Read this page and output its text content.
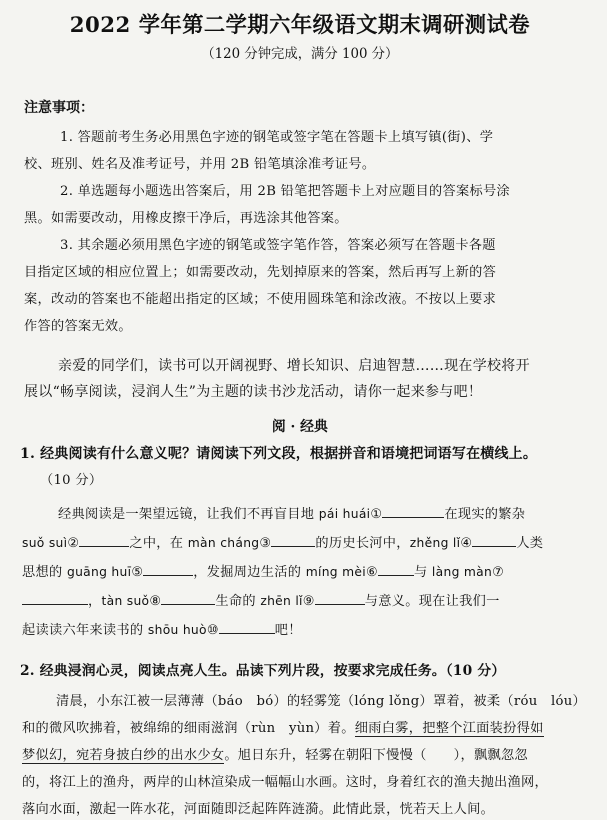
2022 学年第二学期六年级语文期末调研测试卷
（120 分钟完成，满分 100 分）
注意事项：
1. 答题前考生务必用黑色字迹的钢笔或签字笔在答题卡上填写镇(街)、学
校、班别、姓名及准考证号，并用 2B 铅笔填涂准考证号。
2. 单选题每小题选出答案后，用 2B 铅笔把答题卡上对应题目的答案标号涂
黑。如需要改动，用橡皮擦干净后，再选涂其他答案。
3. 其余题必须用黑色字迹的钢笔或签字笔作答，答案必须写在答题卡各题
目指定区域的相应位置上；如需要改动，先划掉原来的答案，然后再写上新的答
案，改动的答案也不能超出指定的区域；不使用圆珠笔和涂改液。不按以上要求
作答的答案无效。
亲爱的同学们，读书可以开阔视野、增长知识、启迪智慧……现在学校将开
展以“畅享阅读，浸润人生”为主题的读书沙龙活动，请你一起来参与吧！
阅 · 经典
1. 经典阅读有什么意义呢？请阅读下列文段，根据拼音和语境把词语写在横线上。
（10 分）
经典阅读是一架望远镜，让我们不再盲目地 pái huái①	在现实的繁杂
suǒ suì②	之中，在 màn cháng③	的历史长河中，zhěng lǐ④	人类
思想的 guāng huī⑤	，发掘周边生活的 míng mèi⑥	与 làng màn⑦
，tàn suǒ⑧	生命的 zhēn lǐ⑨	与意义。现在让我们一
起读读六年来读书的 shōu huò⑩	吧！
2. 经典浸润心灵，阅读点亮人生。品读下列片段，按要求完成任务。（10 分）
清晨，小东江被一层薄薄（báo　bó）的轻雾笼（lóng lǒng）罩着，被柔（róu　lóu）
和的微风吹拂着，被绵绵的细雨滋润（rùn　yùn）着。细雨白雾，把整个江面装扮得如
梦似幻，宛若身披白纱的出水少女。旭日东升，轻雾在朝阳下慢慢（　　），飘飘忽忽
的，将江上的渔舟，两岸的山林渲染成一幅幅山水画。这时，身着红衣的渔夫抛出渔网，
落向水面，激起一阵水花，河面随即泛起阵阵涟漪。此情此景，恍若天上人间。
